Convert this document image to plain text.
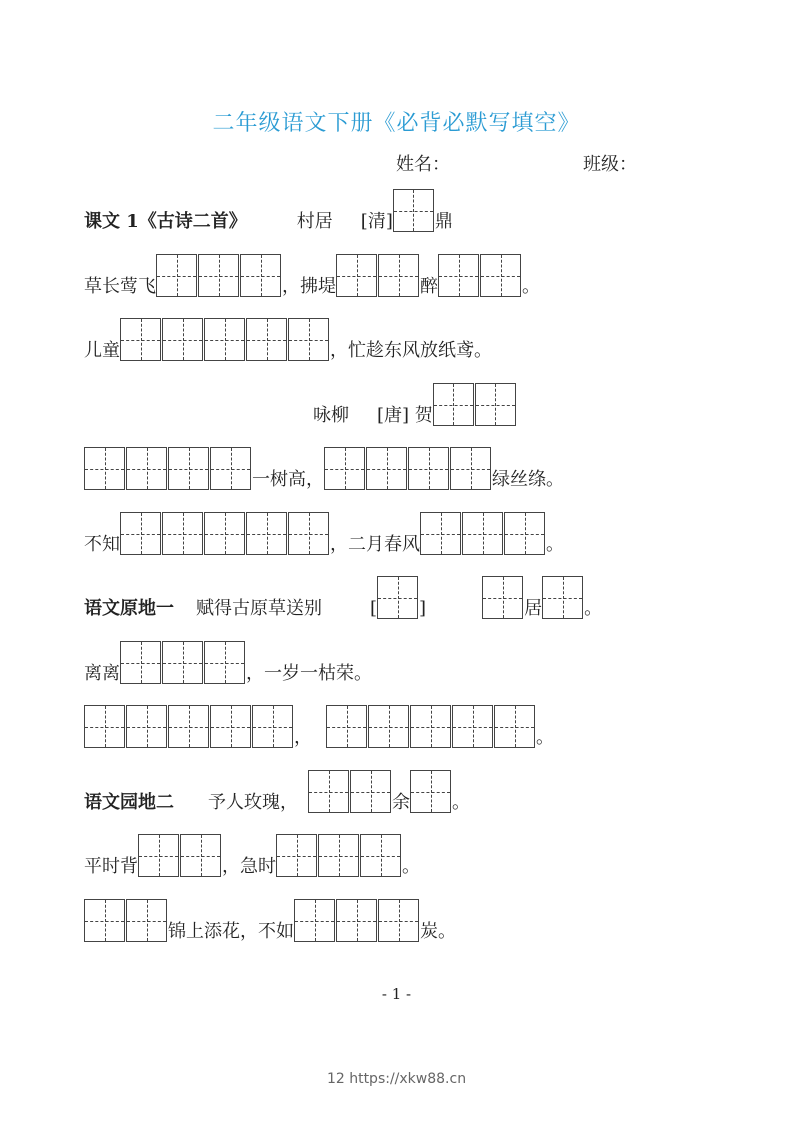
二年级语文下册《必背必默写填空》
姓名：	班级：
课文 1《古诗二首》	村居 [清] 鼎
草长莺飞	，拂堤	醉	。
儿童	，忙趁东风放纸鸢。
咏柳 [唐] 贺
一树高，	绿丝绦。
不知	，二月春风	。
语文原地一 赋得古原草送别	[ ]	居 。
离离	，一岁一枯荣。
，	。
语文园地二 予人玫瑰，	余 。
平时背	，急时	。
锦上添花，不如	炭。
- 1 -
12 https://xkw88.cn
